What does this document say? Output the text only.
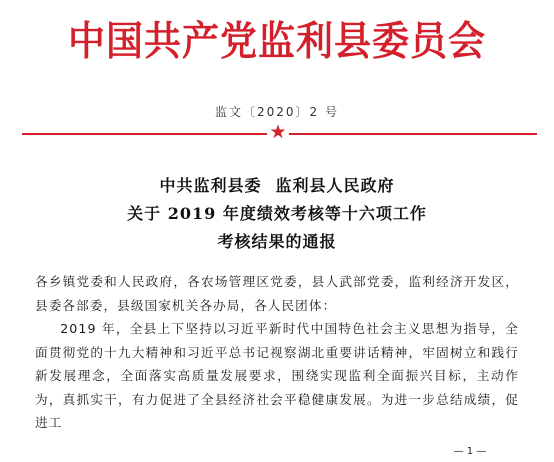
中国共产党监利县委员会
监文〔2020〕2 号
★
中共监利县委 监利县人民政府
关于 2019 年度绩效考核等十六项工作
考核结果的通报

各乡镇党委和人民政府，各农场管理区党委，县人武部党委，监利经济开发区，县委各部委，县级国家机关各办局，各人民团体：

2019 年，全县上下坚持以习近平新时代中国特色社会主义思想为指导，全面贯彻党的十九大精神和习近平总书记视察湖北重要讲话精神，牢固树立和践行新发展理念，全面落实高质量发展要求，围绕实现监利全面振兴目标，主动作为，真抓实干，有力促进了全县经济社会平稳健康发展。为进一步总结成绩，促进工

— 1 —
